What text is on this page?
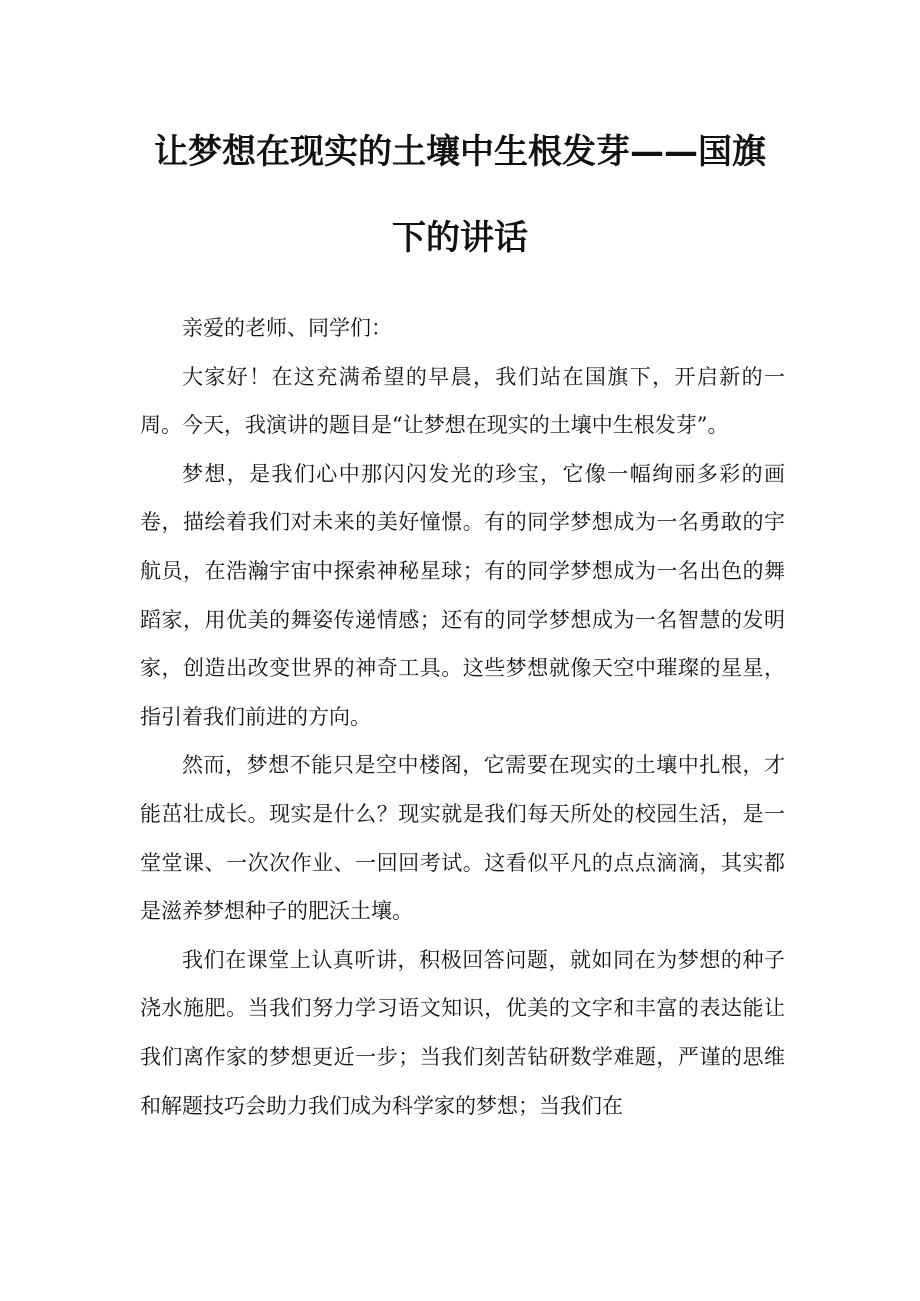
让梦想在现实的土壤中生根发芽——国旗
下的讲话

亲爱的老师、同学们：

大家好！在这充满希望的早晨，我们站在国旗下，开启新的一周。今天，我演讲的题目是“让梦想在现实的土壤中生根发芽”。

梦想，是我们心中那闪闪发光的珍宝，它像一幅绚丽多彩的画卷，描绘着我们对未来的美好憧憬。有的同学梦想成为一名勇敢的宇航员，在浩瀚宇宙中探索神秘星球；有的同学梦想成为一名出色的舞蹈家，用优美的舞姿传递情感；还有的同学梦想成为一名智慧的发明家，创造出改变世界的神奇工具。这些梦想就像天空中璀璨的星星，指引着我们前进的方向。

然而，梦想不能只是空中楼阁，它需要在现实的土壤中扎根，才能茁壮成长。现实是什么？现实就是我们每天所处的校园生活，是一堂堂课、一次次作业、一回回考试。这看似平凡的点点滴滴，其实都是滋养梦想种子的肥沃土壤。

我们在课堂上认真听讲，积极回答问题，就如同在为梦想的种子浇水施肥。当我们努力学习语文知识，优美的文字和丰富的表达能让我们离作家的梦想更近一步；当我们刻苦钻研数学难题，严谨的思维和解题技巧会助力我们成为科学家的梦想；当我们在
